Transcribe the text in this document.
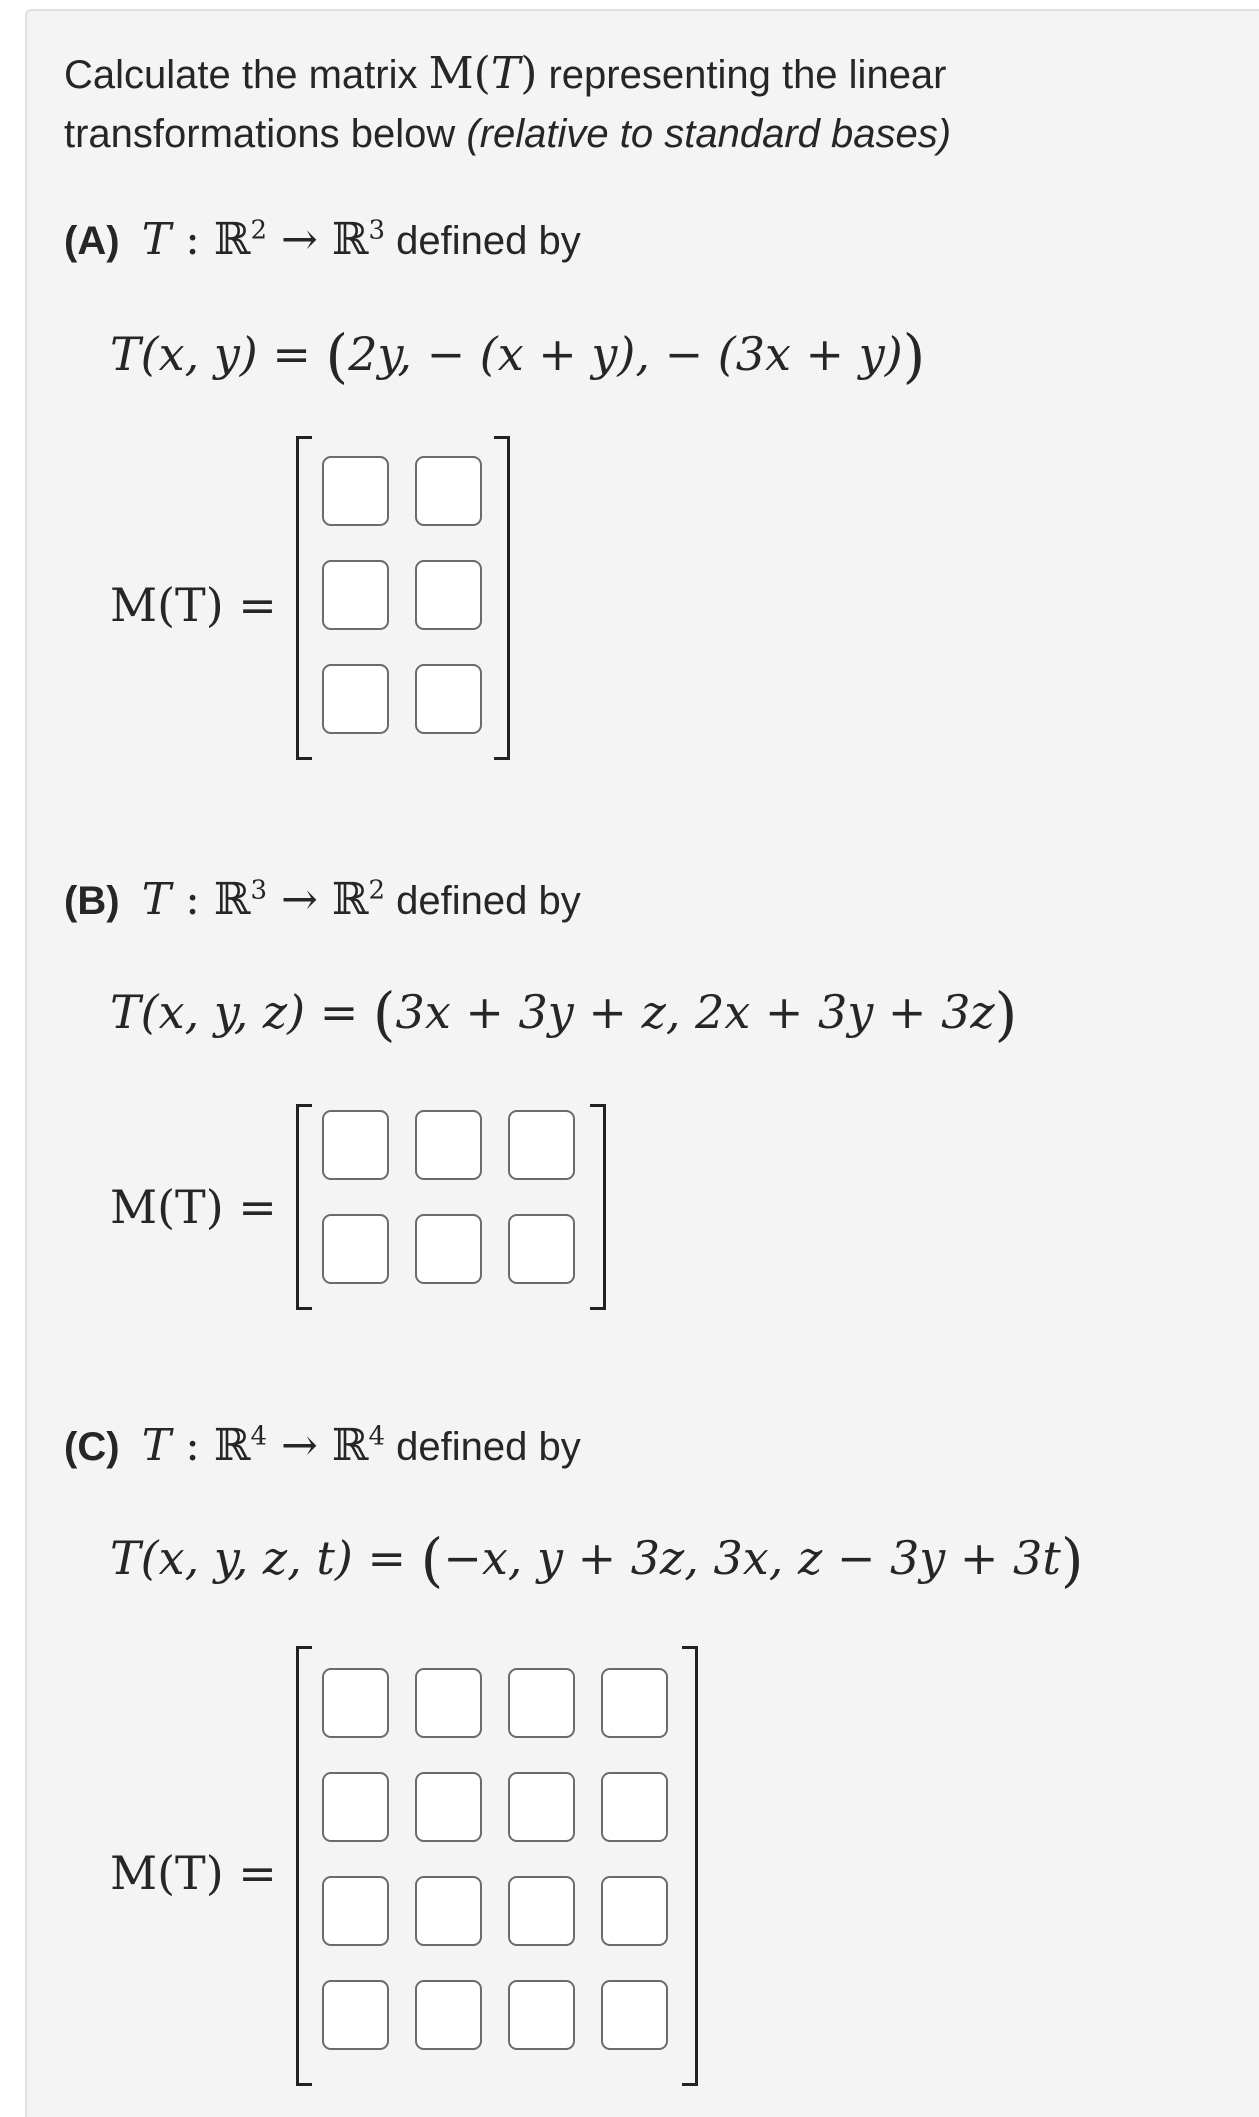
Calculate the matrix M(T) representing the linear
transformations below (relative to standard bases)
(A) T : ℝ$^2$ → ℝ$^3$ defined by
T(x, y) = (2y, − (x + y), − (3x + y))
M(T) =
(B) T : ℝ$^3$ → ℝ$^2$ defined by
T(x, y, z) = (3x + 3y + z, 2x + 3y + 3z)
M(T) =
(C) T : ℝ$^4$ → ℝ$^4$ defined by
T(x, y, z, t) = (−x, y + 3z, 3x, z − 3y + 3t)
M(T) =
